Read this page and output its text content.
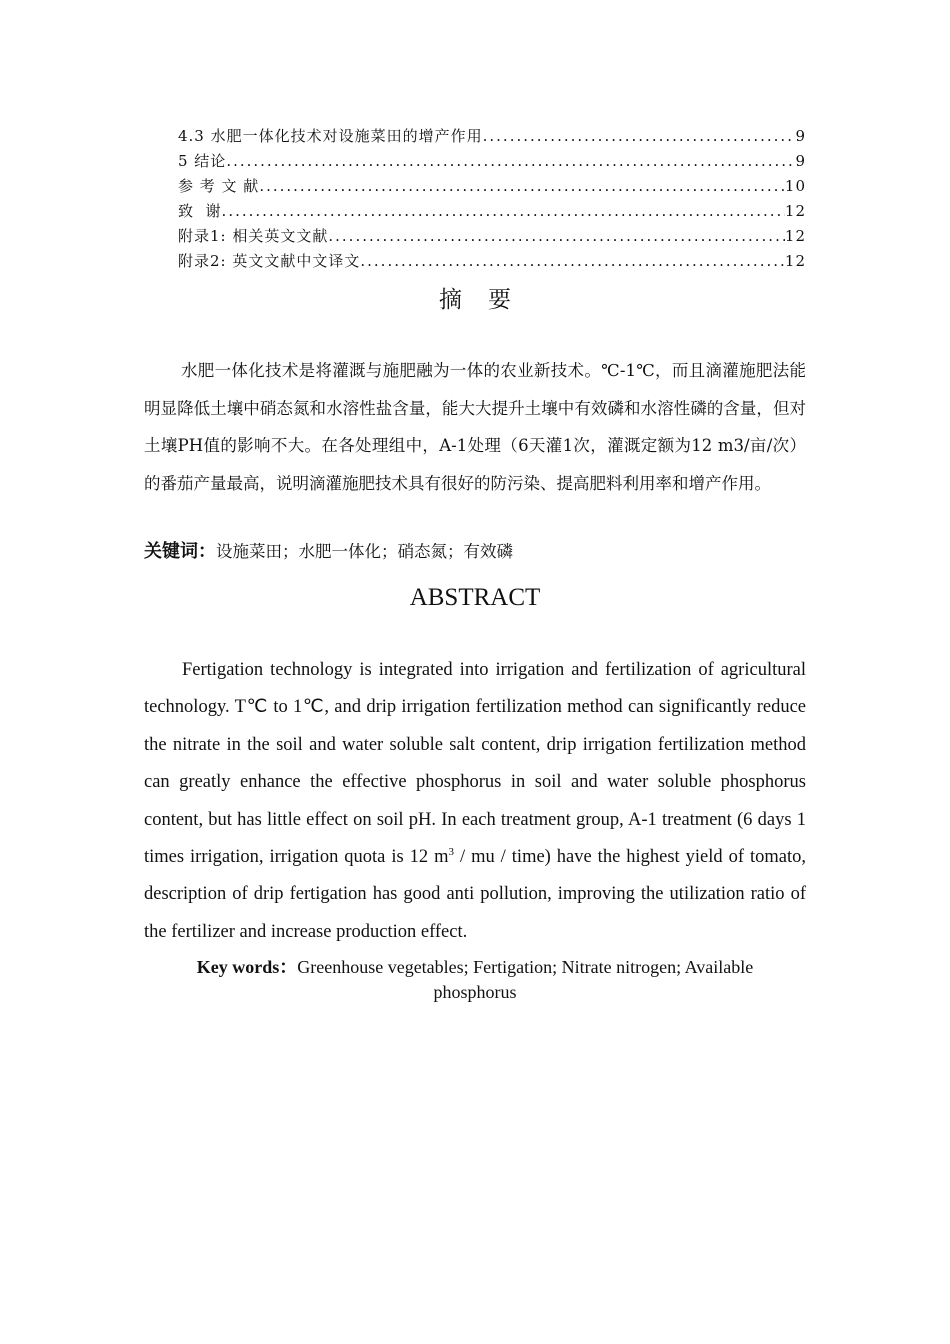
4.3 水肥一体化技术对设施菜田的增产作用 .....	9
5 结论 .....	9
参 考 文 献 .....	10
致  谢 .....	12
附录1: 相关英文文献 .....	12
附录2: 英文文献中文译文 .....	12
摘要

水肥一体化技术是将灌溉与施肥融为一体的农业新技术。℃-1℃，而且滴灌施肥法能明显降低土壤中硝态氮和水溶性盐含量，能大大提升土壤中有效磷和水溶性磷的含量，但对土壤PH值的影响不大。在各处理组中，A-1处理（6天灌1次，灌溉定额为12 m3/亩/次）的番茄产量最高，说明滴灌施肥技术具有很好的防污染、提高肥料利用率和增产作用。

关键词：设施菜田；水肥一体化；硝态氮；有效磷
ABSTRACT

Fertigation technology is integrated into irrigation and fertilization of agricultural technology. T℃ to 1℃, and drip irrigation fertilization method can significantly reduce the nitrate in the soil and water soluble salt content, drip irrigation fertilization method can greatly enhance the effective phosphorus in soil and water soluble phosphorus content, but has little effect on soil pH. In each treatment group, A-1 treatment (6 days 1 times irrigation, irrigation quota is 12 $m^3$ / mu / time) have the highest yield of tomato, description of drip fertigation has good anti pollution, improving the utilization ratio of the fertilizer and increase production effect.

Key words：Greenhouse vegetables; Fertigation; Nitrate nitrogen; Available phosphorus
